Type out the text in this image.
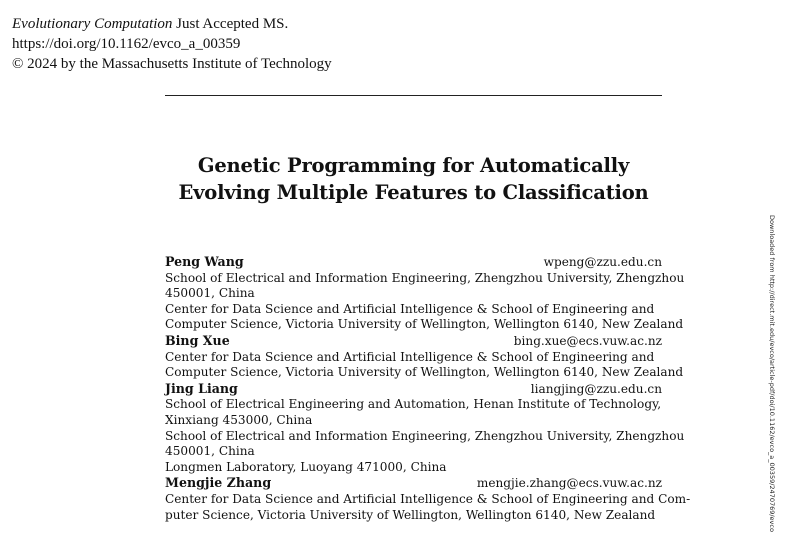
Evolutionary Computation Just Accepted MS.
https://doi.org/10.1162/evco_a_00359
© 2024 by the Massachusetts Institute of Technology
Genetic Programming for Automatically
Evolving Multiple Features to Classification
Peng Wang	wpeng@zzu.edu.cn
School of Electrical and Information Engineering, Zhengzhou University, Zhengzhou
450001, China
Center for Data Science and Artificial Intelligence & School of Engineering and
Computer Science, Victoria University of Wellington, Wellington 6140, New Zealand
Bing Xue	bing.xue@ecs.vuw.ac.nz
Center for Data Science and Artificial Intelligence & School of Engineering and
Computer Science, Victoria University of Wellington, Wellington 6140, New Zealand
Jing Liang	liangjing@zzu.edu.cn
School of Electrical Engineering and Automation, Henan Institute of Technology,
Xinxiang 453000, China
School of Electrical and Information Engineering, Zhengzhou University, Zhengzhou
450001, China
Longmen Laboratory, Luoyang 471000, China
Mengjie Zhang	mengjie.zhang@ecs.vuw.ac.nz
Center for Data Science and Artificial Intelligence & School of Engineering and Com-
puter Science, Victoria University of Wellington, Wellington 6140, New Zealand	Downloaded from http://direct.mit.edu/evco/article-pdf/doi/10.1162/evco_a_00359/2470769/evco
